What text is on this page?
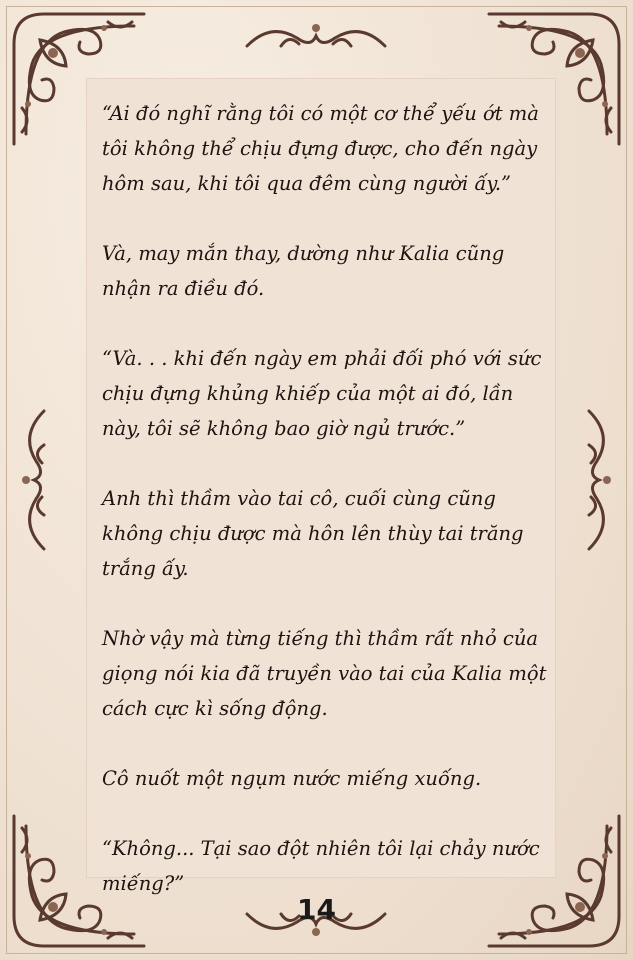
“Ai đó nghĩ rằng tôi có một cơ thể yếu ớt mà tôi không thể chịu đựng được, cho đến ngày hôm sau, khi tôi qua đêm cùng người ấy.”

Và, may mắn thay, dường như Kalia cũng nhận ra điều đó.

“Và. . . khi đến ngày em phải đối phó với sức chịu đựng khủng khiếp của một ai đó, lần này, tôi sẽ không bao giờ ngủ trước.”

Anh thì thầm vào tai cô, cuối cùng cũng không chịu được mà hôn lên thùy tai trăng trắng ấy.

Nhờ vậy mà từng tiếng thì thầm rất nhỏ của giọng nói kia đã truyền vào tai của Kalia một cách cực kì sống động.

Cô nuốt một ngụm nước miếng xuống.

“Không... Tại sao đột nhiên tôi lại chảy nước miếng?”

14
